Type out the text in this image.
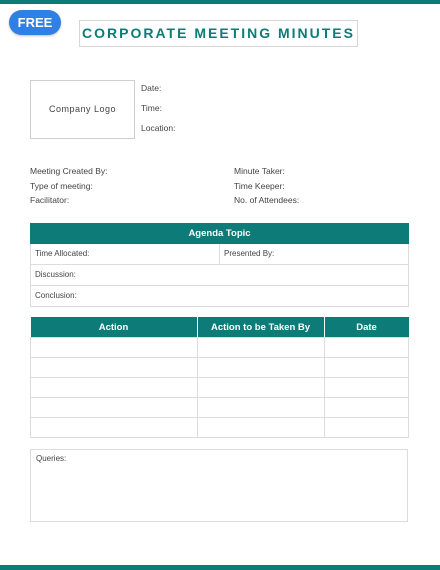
FREE
CORPORATE MEETING MINUTES
Company Logo
Date:
Time:
Location:
Meeting Created By:
Type of meeting:
Facilitator:
Minute Taker:
Time Keeper:
No. of Attendees:
Agenda Topic
Time Allocated:	Presented By:
Discussion:
Conclusion:
Action	Action to be Taken By	Date

Queries:
